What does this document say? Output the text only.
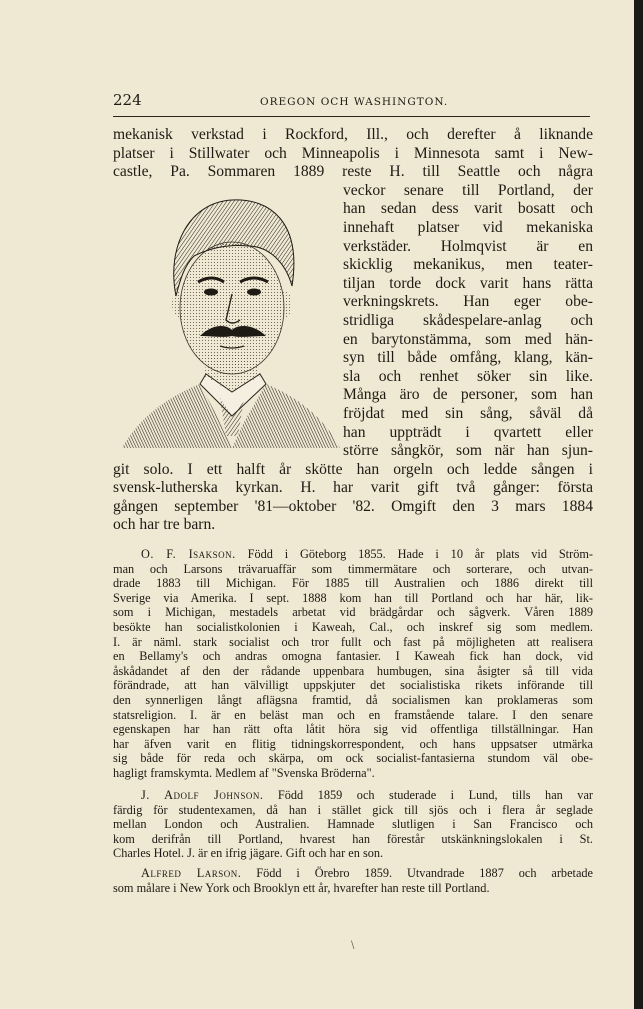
224	OREGON OCH WASHINGTON.
mekanisk verkstad i Rockford, Ill., och derefter å liknande
platser i Stillwater och Minneapolis i Minnesota samt i New-
castle, Pa. Sommaren 1889 reste H. till Seattle och några
veckor senare till Portland, der
han sedan dess varit bosatt och
innehaft platser vid mekaniska
verkstäder. Holmqvist är en
skicklig mekanikus, men teater-
tiljan torde dock varit hans rätta
verkningskrets. Han eger obe-
stridliga skådespelare-anlag och
en barytonstämma, som med hän-
syn till både omfång, klang, kän-
sla och renhet söker sin like.
Många äro de personer, som han
fröjdat med sin sång, såväl då
han uppträdt i qvartett eller
större sångkör, som när han sjun-
git solo. I ett halft år skötte han orgeln och ledde sången i
svensk-lutherska kyrkan. H. har varit gift två gånger: första
gången september '81—oktober '82. Omgift den 3 mars 1884
och har tre barn.
O. F. Isakson. Född i Göteborg 1855. Hade i 10 år plats vid Ström-
man och Larsons trävaruaffär som timmermätare och sorterare, och utvan-
drade 1883 till Michigan. För 1885 till Australien och 1886 direkt till
Sverige via Amerika. I sept. 1888 kom han till Portland och har här, lik-
som i Michigan, mestadels arbetat vid brädgårdar och sågverk. Våren 1889
besökte han socialistkolonien i Kaweah, Cal., och inskref sig som medlem.
I. är näml. stark socialist och tror fullt och fast på möjligheten att realisera
en Bellamy's och andras omogna fantasier. I Kaweah fick han dock, vid
åskådandet af den der rådande uppenbara humbugen, sina åsigter så till vida
förändrade, att han välvilligt uppskjuter det socialistiska rikets införande till
den synnerligen långt aflägsna framtid, då socialismen kan proklameras som
statsreligion. I. är en beläst man och en framstående talare. I den senare
egenskapen har han rätt ofta låtit höra sig vid offentliga tillställningar. Han
har äfven varit en flitig tidningskorrespondent, och hans uppsatser utmärka
sig både för reda och skärpa, om ock socialist-fantasierna stundom väl obe-
hagligt framskymta. Medlem af "Svenska Bröderna".
J. Adolf Johnson. Född 1859 och studerade i Lund, tills han var
färdig för studentexamen, då han i stället gick till sjös och i flera år seglade
mellan London och Australien. Hamnade slutligen i San Francisco och
kom derifrån till Portland, hvarest han förestår utskänkningslokalen i St.
Charles Hotel. J. är en ifrig jägare. Gift och har en son.
Alfred Larson. Född i Örebro 1859. Utvandrade 1887 och arbetade
som målare i New York och Brooklyn ett år, hvarefter han reste till Portland.
\
